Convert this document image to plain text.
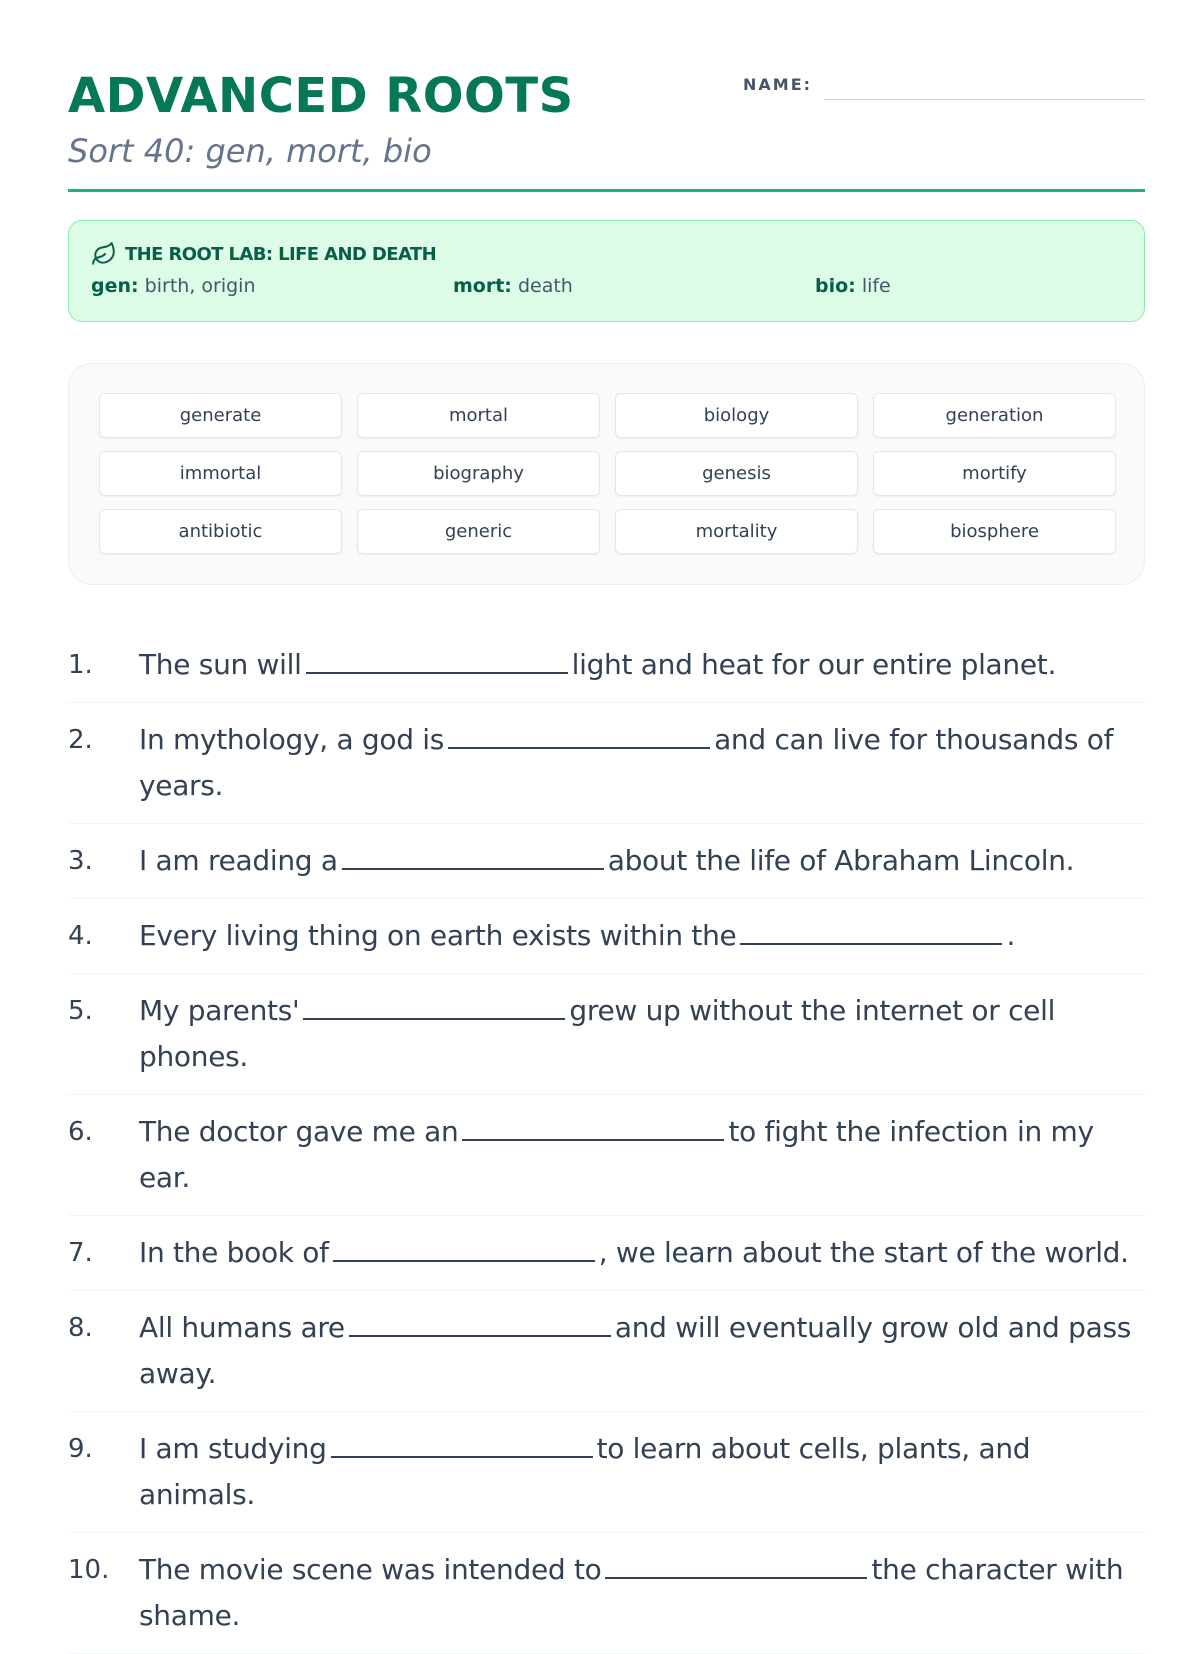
ADVANCED ROOTS
Sort 40: gen, mort, bio
NAME:
THE ROOT LAB: LIFE AND DEATH
gen: birth, origin	mort: death	bio: life
generate	mortal	biology	generation
immortal	biography	genesis	mortify
antibiotic	generic	mortality	biosphere
1.	The sun will	light and heat for our entire planet.
2.	In mythology, a god is	and can live for thousands of years.
3.	I am reading a	about the life of Abraham Lincoln.
4.	Every living thing on earth exists within the	.
5.	My parents'	grew up without the internet or cell phones.
6.	The doctor gave me an	to fight the infection in my ear.
7.	In the book of	, we learn about the start of the world.
8.	All humans are	and will eventually grow old and pass away.
9.	I am studying	to learn about cells, plants, and animals.
10.	The movie scene was intended to	the character with shame.
